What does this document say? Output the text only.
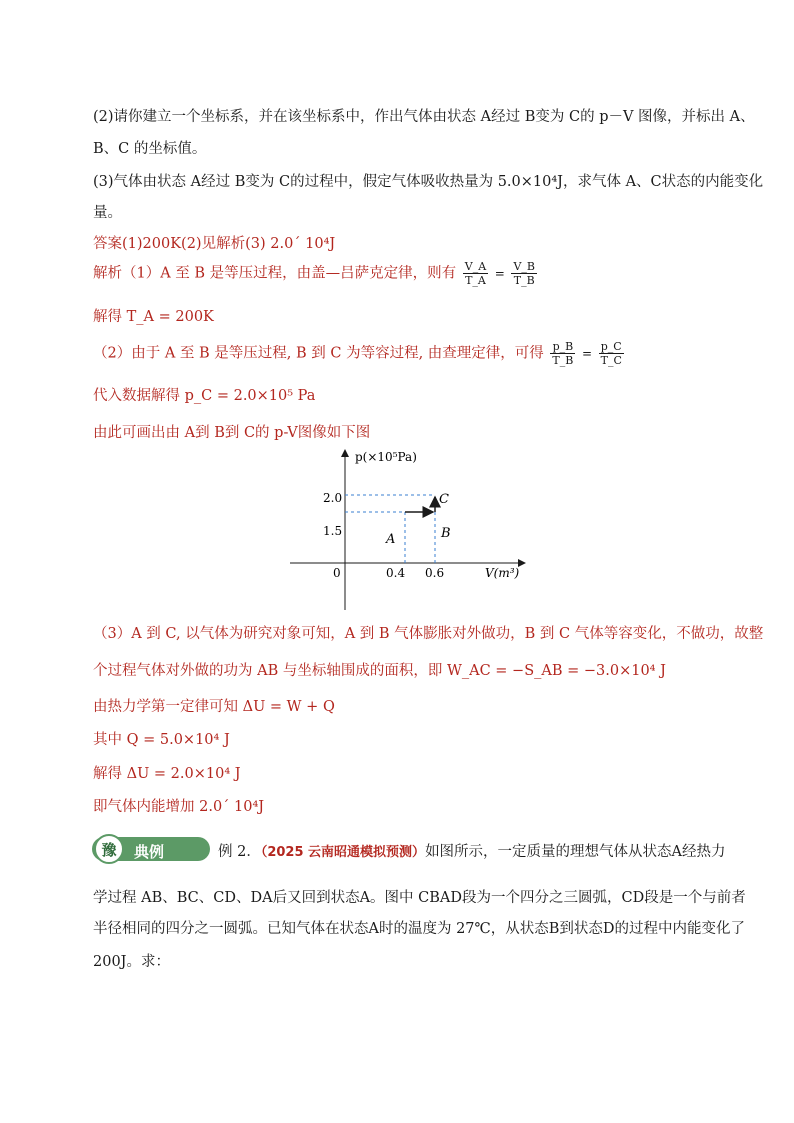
(2)请你建立一个坐标系，并在该坐标系中，作出气体由状态 A经过 B变为 C的 p－V 图像，并标出 A、
B、C 的坐标值。
(3)气体由状态 A经过 B变为 C的过程中，假定气体吸收热量为 5.0×10⁴J，求气体 A、C状态的内能变化
量。
答案(1)200K(2)见解析(3) 2.0´ 10⁴J
解析（1）A 至 B 是等压过程，由盖—吕萨克定律，则有 $\frac{V\_A}{T\_A} = \frac{V\_B}{T\_B}$
解得 T_A = 200K
（2）由于 A 至 B 是等压过程, B 到 C 为等容过程, 由查理定律，可得 $\frac{p\_B}{T\_B} = \frac{p\_C}{T\_C}$
代入数据解得 p_C = 2.0×10⁵ Pa
由此可画出由 A到 B到 C的 p-V图像如下图
p(×10⁵Pa)
V(m³)
0
2.0
1.5
0.4 0.6
A	B
C
（3）A 到 C, 以气体为研究对象可知，A 到 B 气体膨胀对外做功，B 到 C 气体等容变化，不做功，故整
个过程气体对外做的功为 AB 与坐标轴围成的面积，即 W_AC = −S_AB = −3.0×10⁴ J
由热力学第一定律可知 ΔU = W + Q
其中 Q = 5.0×10⁴ J
解得 ΔU = 2.0×10⁴ J
即气体内能增加 2.0´ 10⁴J
豫	典例	例 2．（2025 云南昭通模拟预测）如图所示，一定质量的理想气体从状态A经热力
学过程 AB、BC、CD、DA后又回到状态A。图中 CBAD段为一个四分之三圆弧，CD段是一个与前者
半径相同的四分之一圆弧。已知气体在状态A时的温度为 27℃，从状态B到状态D的过程中内能变化了
200J。求：
